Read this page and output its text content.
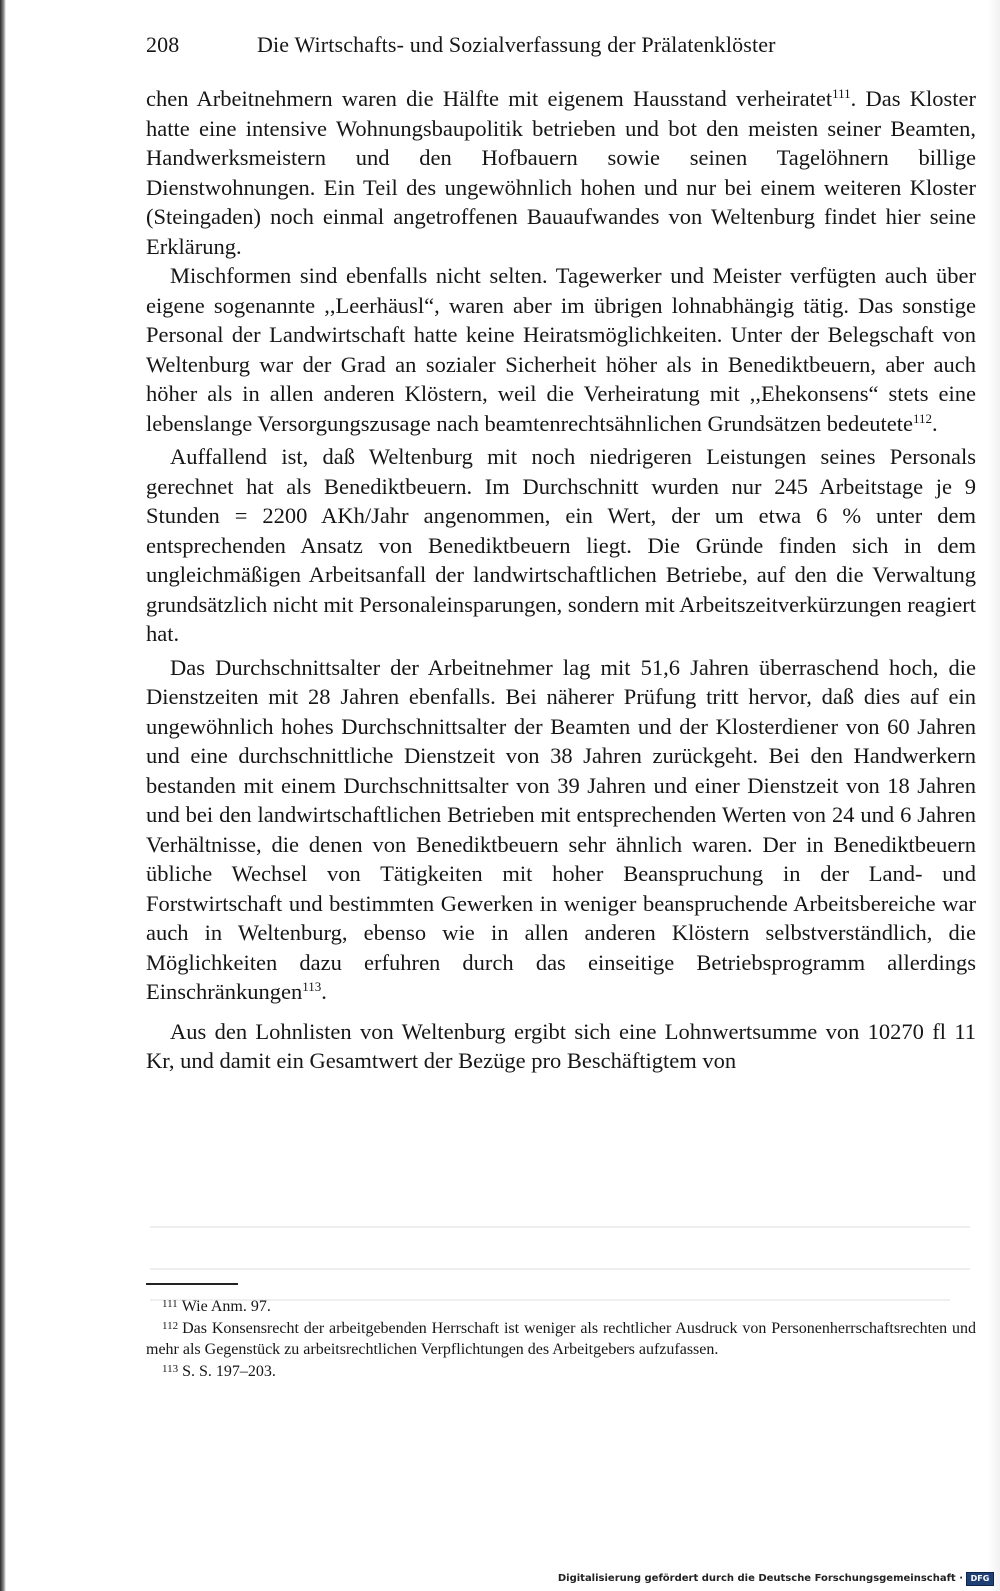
208	Die Wirtschafts- und Sozialverfassung der Prälatenklöster

chen Arbeitnehmern waren die Hälfte mit eigenem Hausstand verheiratet$^{111}$. Das Kloster hatte eine intensive Wohnungsbaupolitik betrieben und bot den meisten seiner Beamten, Handwerksmeistern und den Hofbauern sowie seinen Tagelöhnern billige Dienstwohnungen. Ein Teil des ungewöhnlich hohen und nur bei einem weiteren Kloster (Steingaden) noch einmal angetroffenen Bauaufwandes von Weltenburg findet hier seine Erklärung.

Mischformen sind ebenfalls nicht selten. Tagewerker und Meister verfügten auch über eigene sogenannte ,,Leerhäusl“, waren aber im übrigen lohnabhängig tätig. Das sonstige Personal der Landwirtschaft hatte keine Heiratsmöglichkeiten. Unter der Belegschaft von Weltenburg war der Grad an sozialer Sicherheit höher als in Benediktbeuern, aber auch höher als in allen anderen Klöstern, weil die Verheiratung mit ,,Ehekonsens“ stets eine lebenslange Versorgungszusage nach beamtenrechtsähnlichen Grundsätzen bedeutete$^{112}$.

Auffallend ist, daß Weltenburg mit noch niedrigeren Leistungen seines Personals gerechnet hat als Benediktbeuern. Im Durchschnitt wurden nur 245 Arbeitstage je 9 Stunden = 2200 AKh/Jahr angenommen, ein Wert, der um etwa 6 % unter dem entsprechenden Ansatz von Benediktbeuern liegt. Die Gründe finden sich in dem ungleichmäßigen Arbeitsanfall der landwirtschaftlichen Betriebe, auf den die Verwaltung grundsätzlich nicht mit Personaleinsparungen, sondern mit Arbeitszeitverkürzungen reagiert hat.

Das Durchschnittsalter der Arbeitnehmer lag mit 51,6 Jahren überraschend hoch, die Dienstzeiten mit 28 Jahren ebenfalls. Bei näherer Prüfung tritt hervor, daß dies auf ein ungewöhnlich hohes Durchschnittsalter der Beamten und der Klosterdiener von 60 Jahren und eine durchschnittliche Dienstzeit von 38 Jahren zurückgeht. Bei den Handwerkern bestanden mit einem Durchschnittsalter von 39 Jahren und einer Dienstzeit von 18 Jahren und bei den landwirtschaftlichen Betrieben mit entsprechenden Werten von 24 und 6 Jahren Verhältnisse, die denen von Benediktbeuern sehr ähnlich waren. Der in Benediktbeuern übliche Wechsel von Tätigkeiten mit hoher Beanspruchung in der Land- und Forstwirtschaft und bestimmten Gewerken in weniger beanspruchende Arbeitsbereiche war auch in Weltenburg, ebenso wie in allen anderen Klöstern selbstverständlich, die Möglichkeiten dazu erfuhren durch das einseitige Betriebsprogramm allerdings Einschränkungen$^{113}$.

Aus den Lohnlisten von Weltenburg ergibt sich eine Lohnwertsumme von 10270 fl 11 Kr, und damit ein Gesamtwert der Bezüge pro Beschäftigtem von

$^{111}$ Wie Anm. 97.

$^{112}$ Das Konsensrecht der arbeitgebenden Herrschaft ist weniger als rechtlicher Ausdruck von Personenherrschaftsrechten und mehr als Gegenstück zu arbeitsrechtlichen Verpflichtungen des Arbeitgebers aufzufassen.

$^{113}$ S. S. 197–203.

Digitalisierung gefördert durch die Deutsche Forschungsgemeinschaft · DFG
